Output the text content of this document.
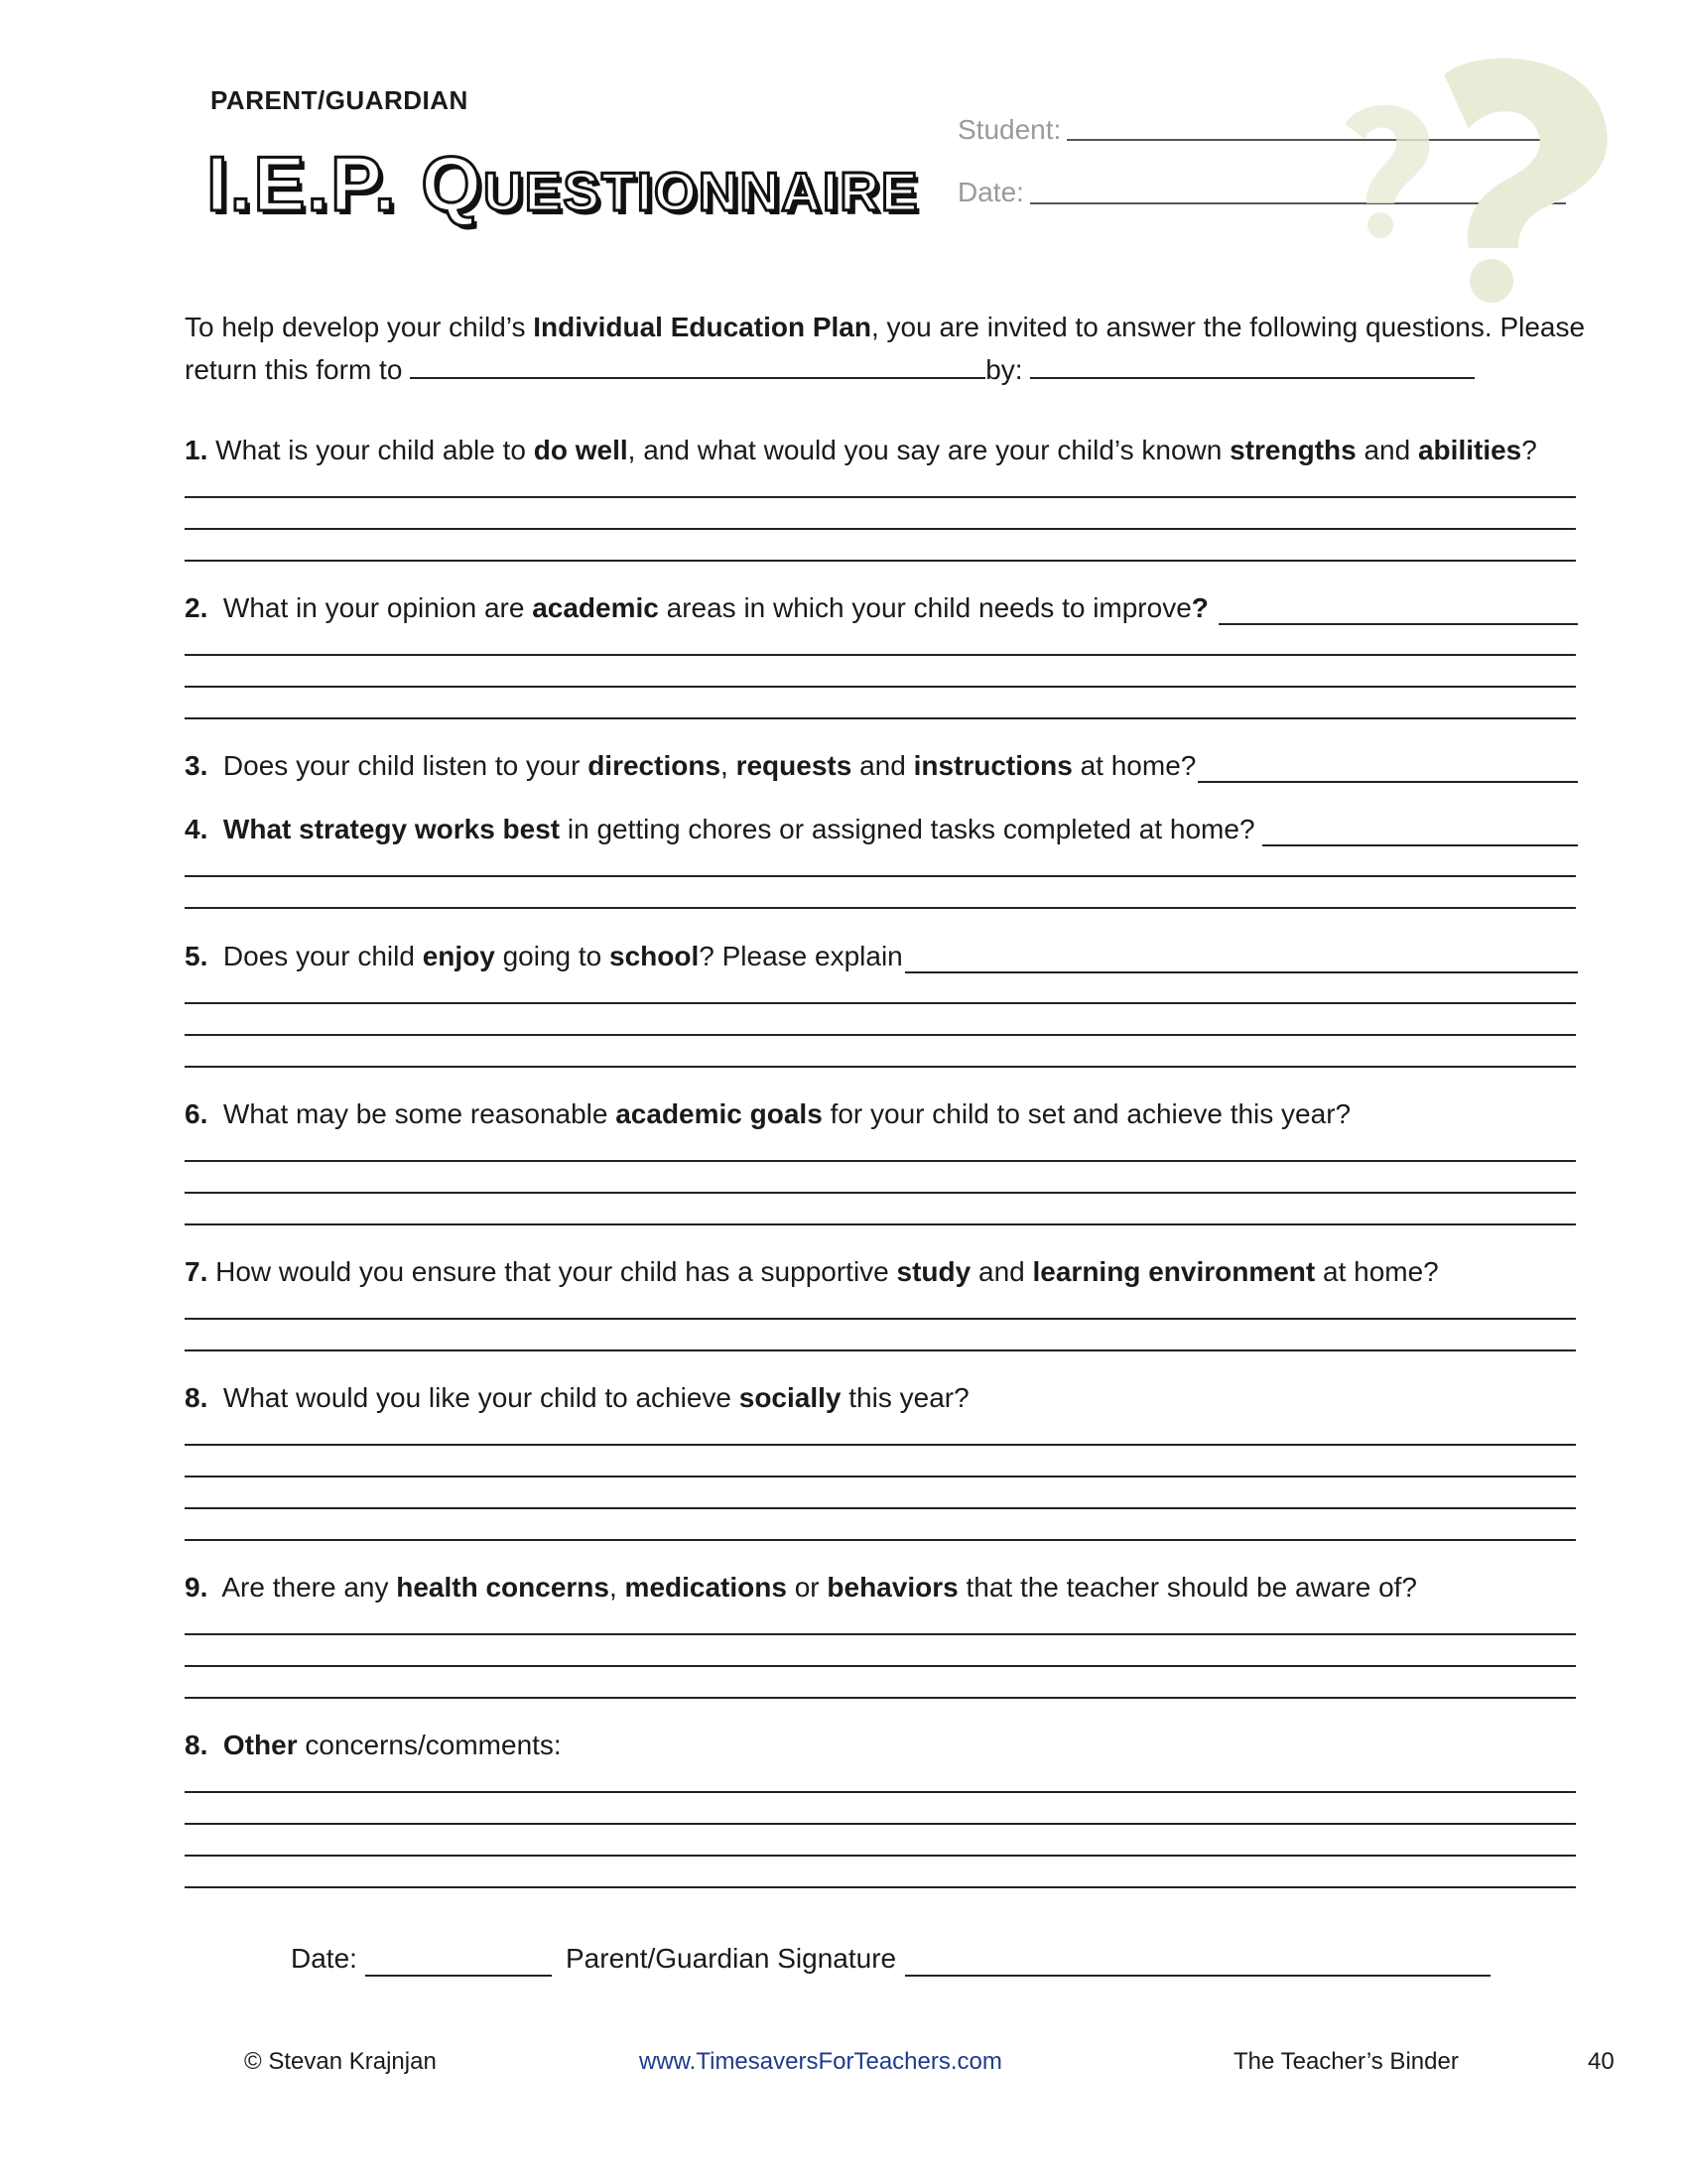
PARENT/GUARDIAN
I.E.P. Questionnaire
Student:
Date:
To help develop your child’s Individual Education Plan, you are invited to answer the following questions. Please
return this form to	by:
1. What is your child able to do well, and what would you say are your child’s known strengths and abilities?
2. What in your opinion are academic areas in which your child needs to improve?
3. Does your child listen to your directions, requests and instructions at home?
4. What strategy works best in getting chores or assigned tasks completed at home?
5. Does your child enjoy going to school? Please explain
6. What may be some reasonable academic goals for your child to set and achieve this year?
7. How would you ensure that your child has a supportive study and learning environment at home?
8. What would you like your child to achieve socially this year?
9. Are there any health concerns, medications or behaviors that the teacher should be aware of?
8. Other concerns/comments:
Date:	Parent/Guardian Signature
© Stevan Krajnjan	www.TimesaversForTeachers.com	The Teacher’s Binder	40
